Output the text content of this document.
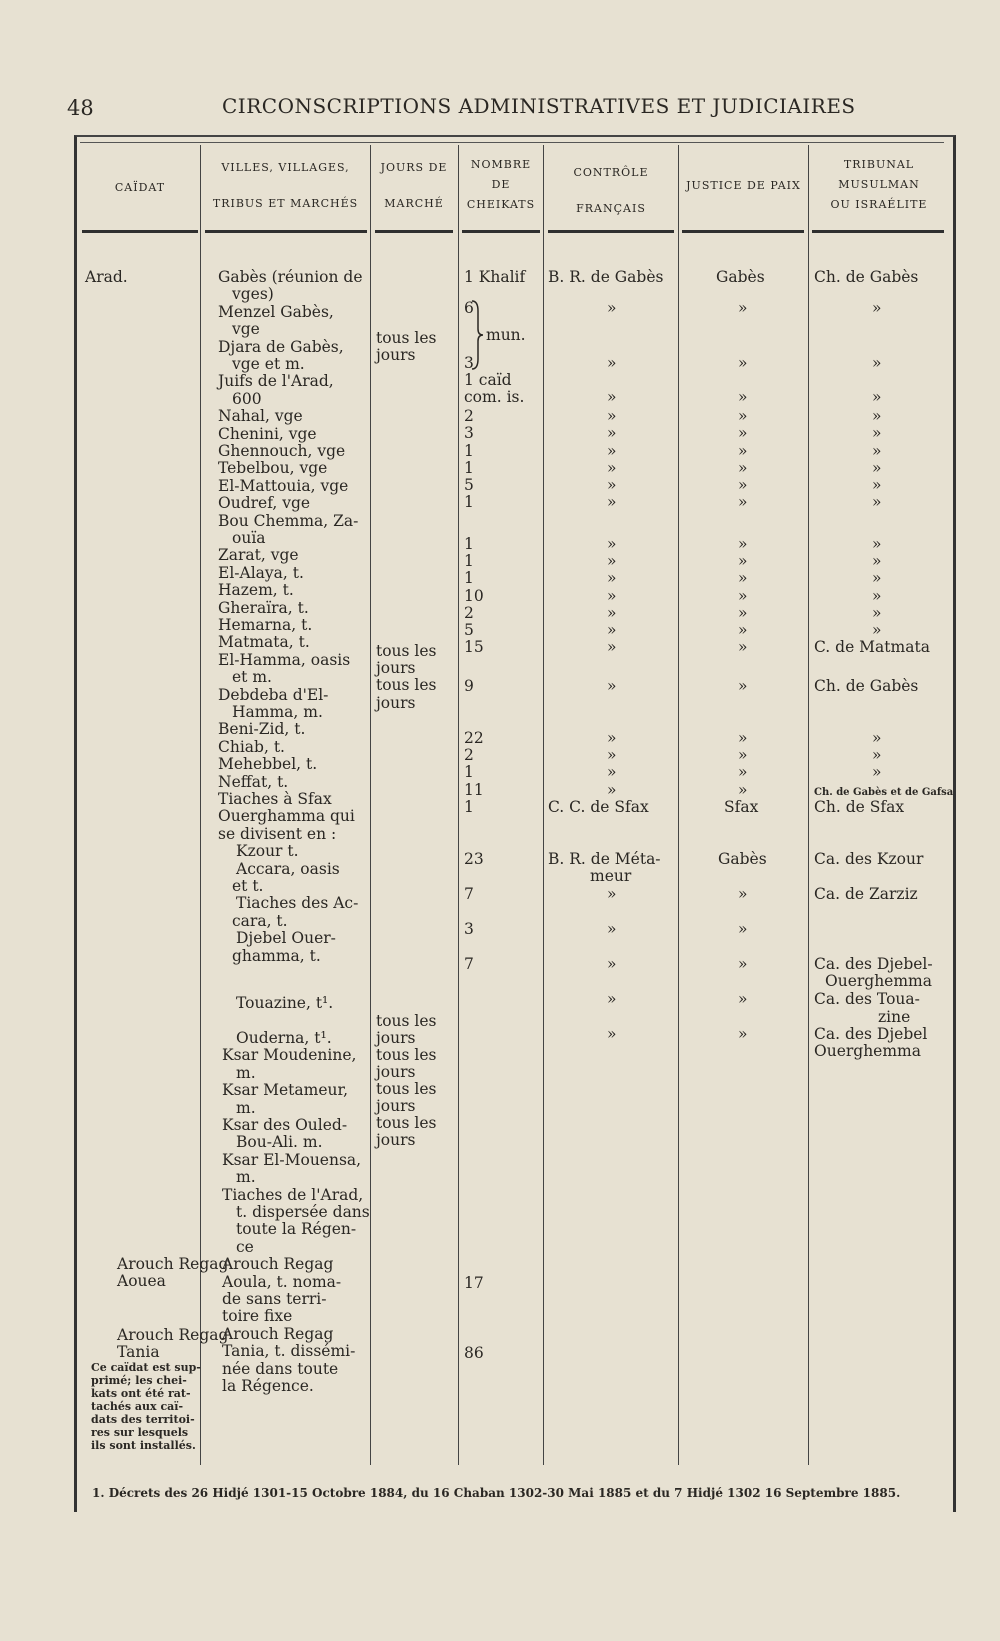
48	CIRCONSCRIPTIONS ADMINISTRATIVES ET JUDICIAIRES
CAÏDAT
VILLES, VILLAGES,
TRIBUS ET MARCHÉS
JOURS DE
MARCHÉ
NOMBRE
DE
CHEIKATS
CONTRÔLE
FRANÇAIS
JUSTICE DE PAIX
TRIBUNAL
MUSULMAN
OU ISRAÉLITE
Arad.
Arouch Regag
Aouea
Arouch Regag
Tania
Ce caïdat est sup-
primé; les chei-
kats ont été rat-
tachés aux caï-
dats des territoi-
res sur lesquels
ils sont installés.
Gabès (réunion de
vges)
Menzel Gabès,
vge
Djara de Gabès,
vge et m.
Juifs de l'Arad,
600
Nahal, vge
Chenini, vge
Ghennouch, vge
Tebelbou, vge
El-Mattouia, vge
Oudref, vge
Bou Chemma, Za-
ouïa
Zarat, vge
El-Alaya, t.
Hazem, t.
Gheraïra, t.
Hemarna, t.
Matmata, t.
El-Hamma, oasis
et m.
Debdeba d'El-
Hamma, m.
Beni-Zid, t.
Chiab, t.
Mehebbel, t.
Neffat, t.
Tiaches à Sfax
Ouerghamma qui
se divisent en :
Kzour t.
Accara, oasis
et t.
Tiaches des Ac-
cara, t.
Djebel Ouer-
ghamma, t.
Touazine, t¹.
Ouderna, t¹.
Ksar Moudenine,
m.
Ksar Metameur,
m.
Ksar des Ouled-
Bou-Ali. m.
Ksar El-Mouensa,
m.
Tiaches de l'Arad,
t. dispersée dans
toute la Régen-
ce
Arouch Regag
Aoula, t. noma-
de sans terri-
toire fixe
Arouch Regag
Tania, t. dissémi-
née dans toute
la Régence.
tous les
jours
tous les
jours
tous les
jours
tous les
jours
tous les
jours
tous les
jours
tous les
jours
1 Khalif
6
mun.
3
1 caïd
com. is.
2
3
1
1
5
1
1
1
1
10
2
5
15
9
22
2
1
11
1
23
7
3
7
17
86
B. R. de Gabès
C. C. de Sfax
B. R. de Méta-
meur
»
»
»
»
»
»
»
»
»
»
»
»
»
»
»
»
»
»
»
»
»
»
»
»
»
»
Gabès
Sfax
Gabès
»
»
»
»
»
»
»
»
»
»
»
»
»
»
»
»
»
»
»
»
»
»
»
»
»
»
Ch. de Gabès
C. de Matmata
Ch. de Gabès
Ch. de Gabès et de Gafsa
Ch. de Sfax
Ca. des Kzour
Ca. de Zarziz
Ca. des Djebel-
Ouerghemma
Ca. des Toua-
zine
Ca. des Djebel
Ouerghemma
»
»
»
»
»
»
»
»
»
»
»
»
»
»
»
»
»
»
1. Décrets des 26 Hidjé 1301-15 Octobre 1884, du 16 Chaban 1302-30 Mai 1885 et du 7 Hidjé 1302 16 Septembre 1885.
